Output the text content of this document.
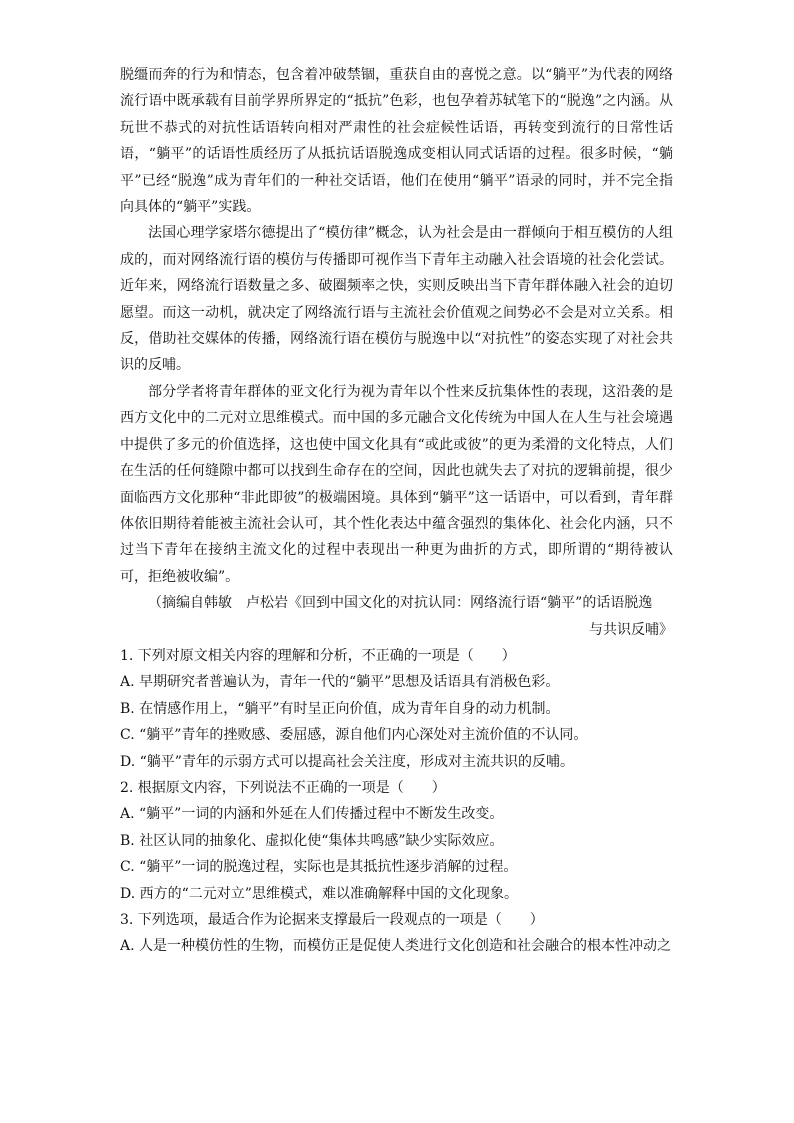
脱缰而奔的行为和情态，包含着冲破禁锢，重获自由的喜悦之意。以“躺平”为代表的网络流行语中既承载有目前学界所界定的“抵抗”色彩，也包孕着苏轼笔下的“脱逸”之内涵。从玩世不恭式的对抗性话语转向相对严肃性的社会症候性话语，再转变到流行的日常性话语，“躺平”的话语性质经历了从抵抗话语脱逸成变相认同式话语的过程。很多时候，“躺平”已经“脱逸”成为青年们的一种社交话语，他们在使用“躺平”语录的同时，并不完全指向具体的“躺平”实践。

法国心理学家塔尔德提出了“模仿律”概念，认为社会是由一群倾向于相互模仿的人组成的，而对网络流行语的模仿与传播即可视作当下青年主动融入社会语境的社会化尝试。近年来，网络流行语数量之多、破圈频率之快，实则反映出当下青年群体融入社会的迫切愿望。而这一动机，就决定了网络流行语与主流社会价值观之间势必不会是对立关系。相反，借助社交媒体的传播，网络流行语在模仿与脱逸中以“对抗性”的姿态实现了对社会共识的反哺。

部分学者将青年群体的亚文化行为视为青年以个性来反抗集体性的表现，这沿袭的是西方文化中的二元对立思维模式。而中国的多元融合文化传统为中国人在人生与社会境遇中提供了多元的价值选择，这也使中国文化具有“或此或彼”的更为柔滑的文化特点，人们在生活的任何缝隙中都可以找到生命存在的空间，因此也就失去了对抗的逻辑前提，很少面临西方文化那种“非此即彼”的极端困境。具体到“躺平”这一话语中，可以看到，青年群体依旧期待着能被主流社会认可，其个性化表达中蕴含强烈的集体化、社会化内涵，只不过当下青年在接纳主流文化的过程中表现出一种更为曲折的方式，即所谓的“期待被认可，拒绝被收编”。

（摘编自韩敏　卢松岩《回到中国文化的对抗认同：网络流行语“躺平”的话语脱逸
与共识反哺》

1. 下列对原文相关内容的理解和分析，不正确的一项是（　　）

A. 早期研究者普遍认为，青年一代的“躺平”思想及话语具有消极色彩。

B. 在情感作用上，“躺平”有时呈正向价值，成为青年自身的动力机制。

C. “躺平”青年的挫败感、委屈感，源自他们内心深处对主流价值的不认同。

D. “躺平”青年的示弱方式可以提高社会关注度，形成对主流共识的反哺。

2. 根据原文内容，下列说法不正确的一项是（　　）

A. “躺平”一词的内涵和外延在人们传播过程中不断发生改变。

B. 社区认同的抽象化、虚拟化使“集体共鸣感”缺少实际效应。

C. “躺平”一词的脱逸过程，实际也是其抵抗性逐步消解的过程。

D. 西方的“二元对立”思维模式，难以准确解释中国的文化现象。

3. 下列选项，最适合作为论据来支撑最后一段观点的一项是（　　）

A. 人是一种模仿性的生物，而模仿正是促使人类进行文化创造和社会融合的根本性冲动之
